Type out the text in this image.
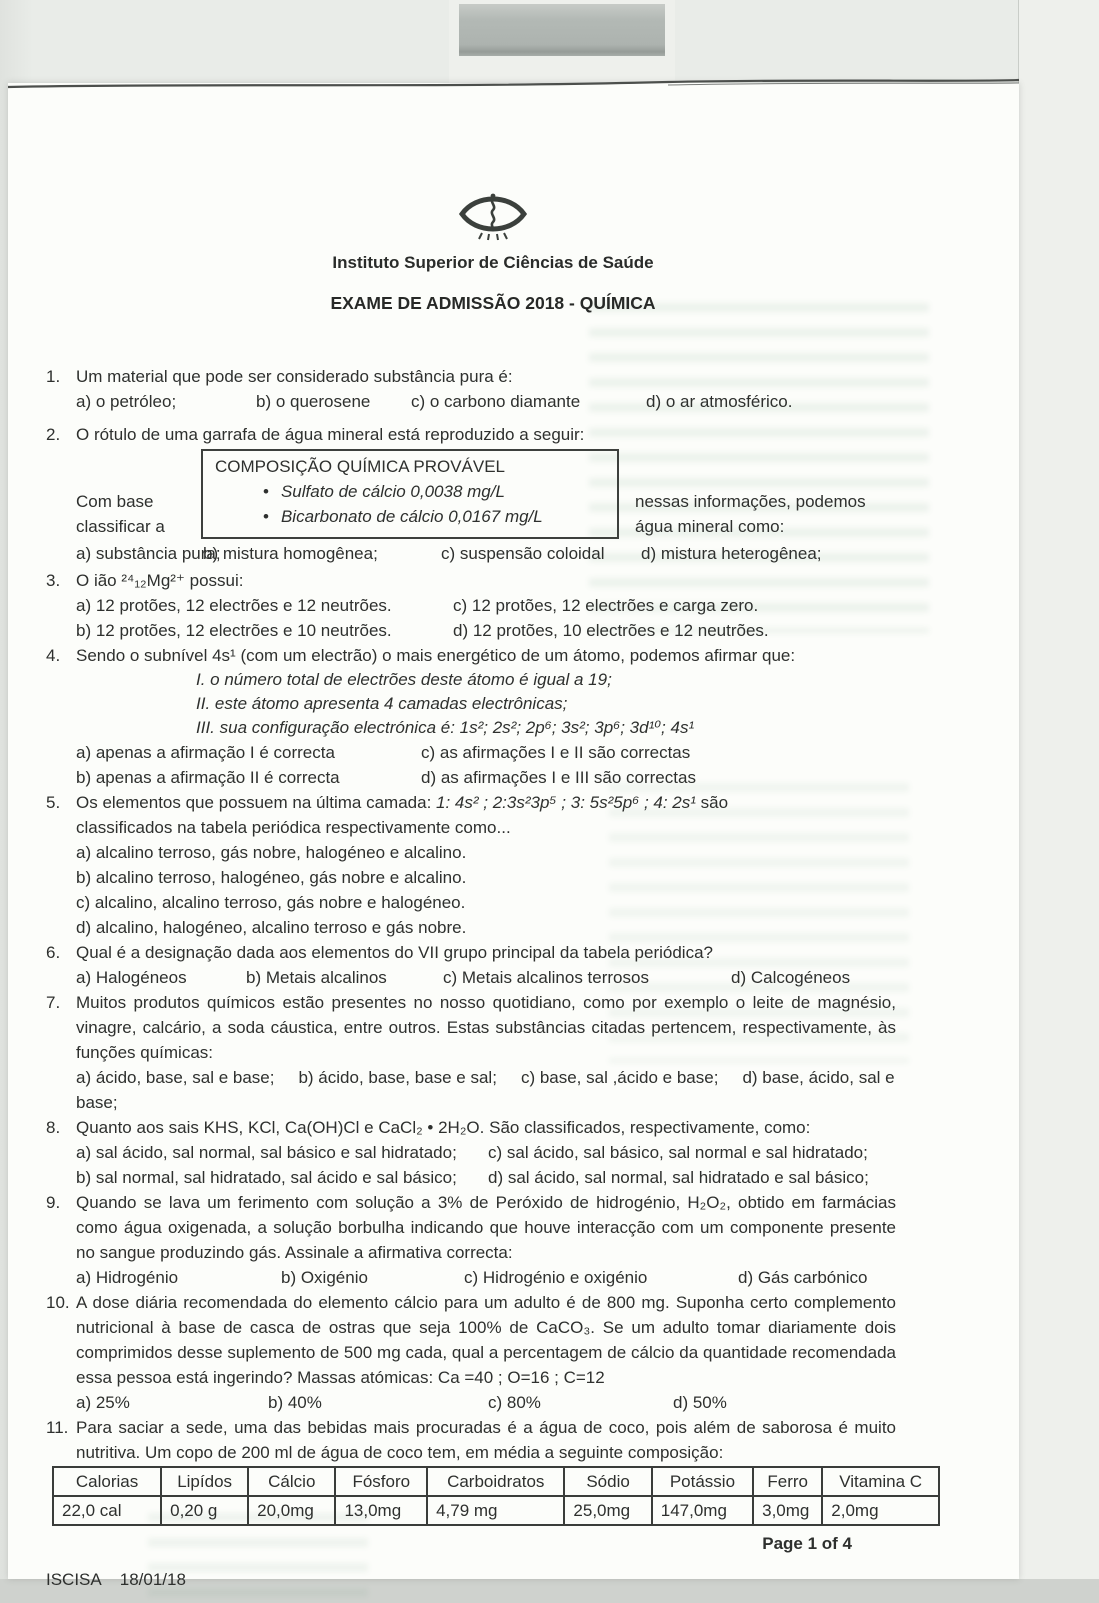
Instituto Superior de Ciências de Saúde
EXAME DE ADMISSÃO 2018 - QUÍMICA
1. Um material que pode ser considerado substância pura é:
a) o petróleo;	b) o querosene	c) o carbono diamante	d) o ar atmosférico.
2. O rótulo de uma garrafa de água mineral está reproduzido a seguir:
Com base
classificar a
COMPOSIÇÃO QUÍMICA PROVÁVEL
• Sulfato de cálcio 0,0038 mg/L
• Bicarbonato de cálcio 0,0167 mg/L
nessas informações, podemos
água mineral como:
a) substância pura;
b) mistura homogênea;	c) suspensão coloidal	d) mistura heterogênea;
3. O ião ²⁴₁₂Mg²⁺ possui:
a) 12 protões, 12 electrões e 12 neutrões.	c) 12 protões, 12 electrões e carga zero.
b) 12 protões, 12 electrões e 10 neutrões.	d) 12 protões, 10 electrões e 12 neutrões.
4. Sendo o subnível 4s¹ (com um electrão) o mais energético de um átomo, podemos afirmar que:
I. o número total de electrões deste átomo é igual a 19;
II. este átomo apresenta 4 camadas electrônicas;
III. sua configuração electrónica é: 1s²; 2s²; 2p⁶; 3s²; 3p⁶; 3d¹⁰; 4s¹
a) apenas a afirmação I é correcta	c) as afirmações I e II são correctas
b) apenas a afirmação II é correcta	d) as afirmações I e III são correctas
5. Os elementos que possuem na última camada: 1: 4s² ; 2:3s²3p⁵ ; 3: 5s²5p⁶ ; 4: 2s¹ são
classificados na tabela periódica respectivamente como...
a) alcalino terroso, gás nobre, halogéneo e alcalino.
b) alcalino terroso, halogéneo, gás nobre e alcalino.
c) alcalino, alcalino terroso, gás nobre e halogéneo.
d) alcalino, halogéneo, alcalino terroso e gás nobre.
6. Qual é a designação dada aos elementos do VII grupo principal da tabela periódica?
a) Halogéneos	b) Metais alcalinos	c) Metais alcalinos terrosos	d) Calcogéneos
7. Muitos produtos químicos estão presentes no nosso quotidiano, como por exemplo o leite de magnésio, vinagre, calcário, a soda cáustica, entre outros. Estas substâncias citadas pertencem, respectivamente, às funções químicas:
a) ácido, base, sal e base; b) ácido, base, base e sal; c) base, sal ,ácido e base; d) base, ácido, sal e base;
8. Quanto aos sais KHS, KCl, Ca(OH)Cl e CaCl₂ • 2H₂O. São classificados, respectivamente, como:
a) sal ácido, sal normal, sal básico e sal hidratado;	c) sal ácido, sal básico, sal normal e sal hidratado;
b) sal normal, sal hidratado, sal ácido e sal básico;	d) sal ácido, sal normal, sal hidratado e sal básico;
9. Quando se lava um ferimento com solução a 3% de Peróxido de hidrogénio, H₂O₂, obtido em farmácias como água oxigenada, a solução borbulha indicando que houve interacção com um componente presente no sangue produzindo gás. Assinale a afirmativa correcta:
a) Hidrogénio	b) Oxigénio	c) Hidrogénio e oxigénio	d) Gás carbónico
10. A dose diária recomendada do elemento cálcio para um adulto é de 800 mg. Suponha certo complemento nutricional à base de casca de ostras que seja 100% de CaCO₃. Se um adulto tomar diariamente dois comprimidos desse suplemento de 500 mg cada, qual a percentagem de cálcio da quantidade recomendada essa pessoa está ingerindo? Massas atómicas: Ca =40 ; O=16 ; C=12
a) 25%	b) 40%	c) 80%	d) 50%
11. Para saciar a sede, uma das bebidas mais procuradas é a água de coco, pois além de saborosa é muito nutritiva. Um copo de 200 ml de água de coco tem, em média a seguinte composição:
Calorias	Lipídos	Cálcio	Fósforo	Carboidratos	Sódio	Potássio	Ferro	Vitamina C
22,0 cal	0,20 g	20,0mg	13,0mg	4,79 mg	25,0mg	147,0mg	3,0mg	2,0mg
Page 1 of 4
ISCISA 18/01/18
